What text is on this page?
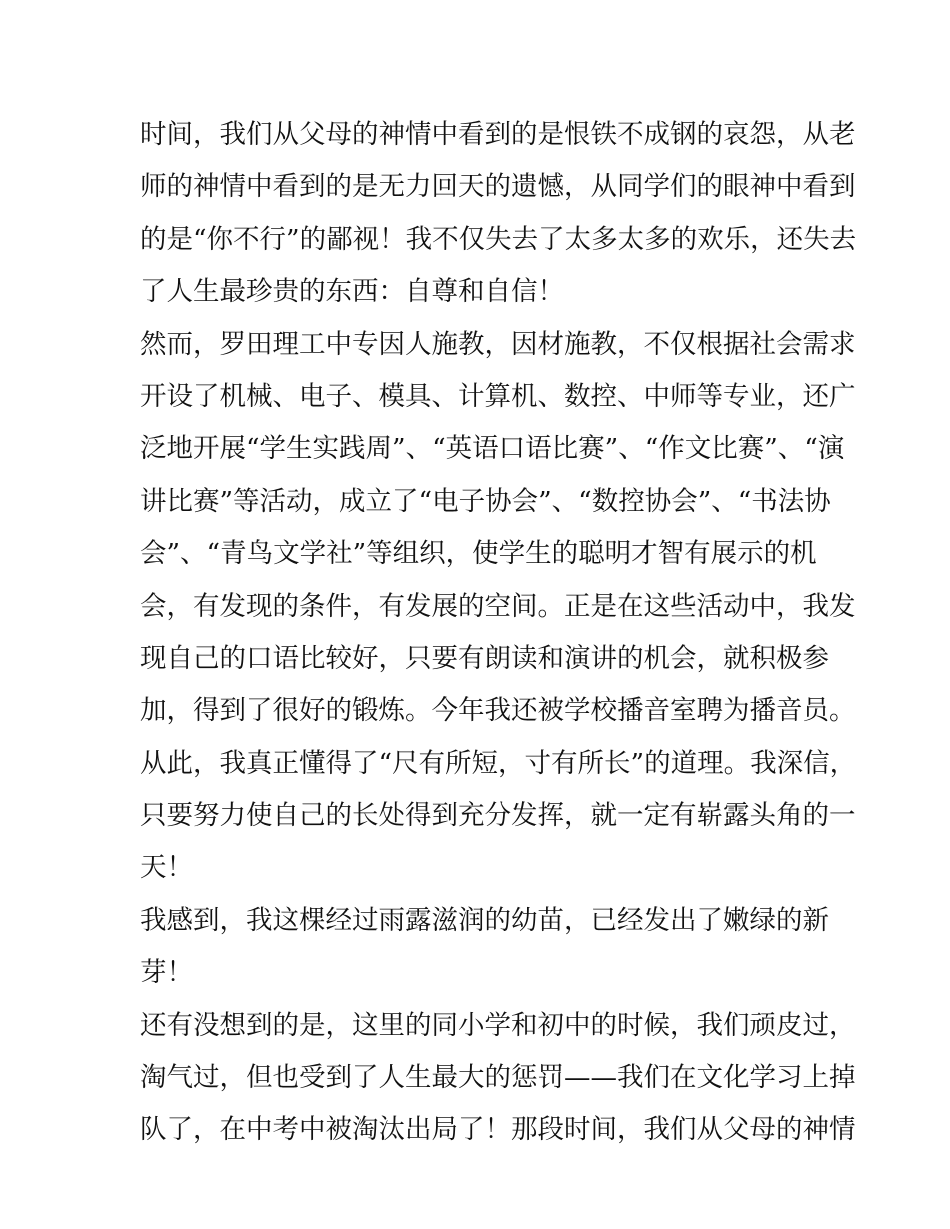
时间，我们从父母的神情中看到的是恨铁不成钢的哀怨，从老
师的神情中看到的是无力回天的遗憾，从同学们的眼神中看到
的是“你不行”的鄙视！我不仅失去了太多太多的欢乐，还失去
了人生最珍贵的东西：自尊和自信！
然而，罗田理工中专因人施教，因材施教，不仅根据社会需求
开设了机械、电子、模具、计算机、数控、中师等专业，还广
泛地开展“学生实践周”、“英语口语比赛”、“作文比赛”、“演
讲比赛”等活动，成立了“电子协会”、“数控协会”、“书法协
会”、“青鸟文学社”等组织，使学生的聪明才智有展示的机
会，有发现的条件，有发展的空间。正是在这些活动中，我发
现自己的口语比较好，只要有朗读和演讲的机会，就积极参
加，得到了很好的锻炼。今年我还被学校播音室聘为播音员。
从此，我真正懂得了“尺有所短，寸有所长”的道理。我深信，
只要努力使自己的长处得到充分发挥，就一定有崭露头角的一
天！
我感到，我这棵经过雨露滋润的幼苗，已经发出了嫩绿的新
芽！
还有没想到的是，这里的同小学和初中的时候，我们顽皮过，
淘气过，但也受到了人生最大的惩罚——我们在文化学习上掉
队了，在中考中被淘汰出局了！那段时间，我们从父母的神情
